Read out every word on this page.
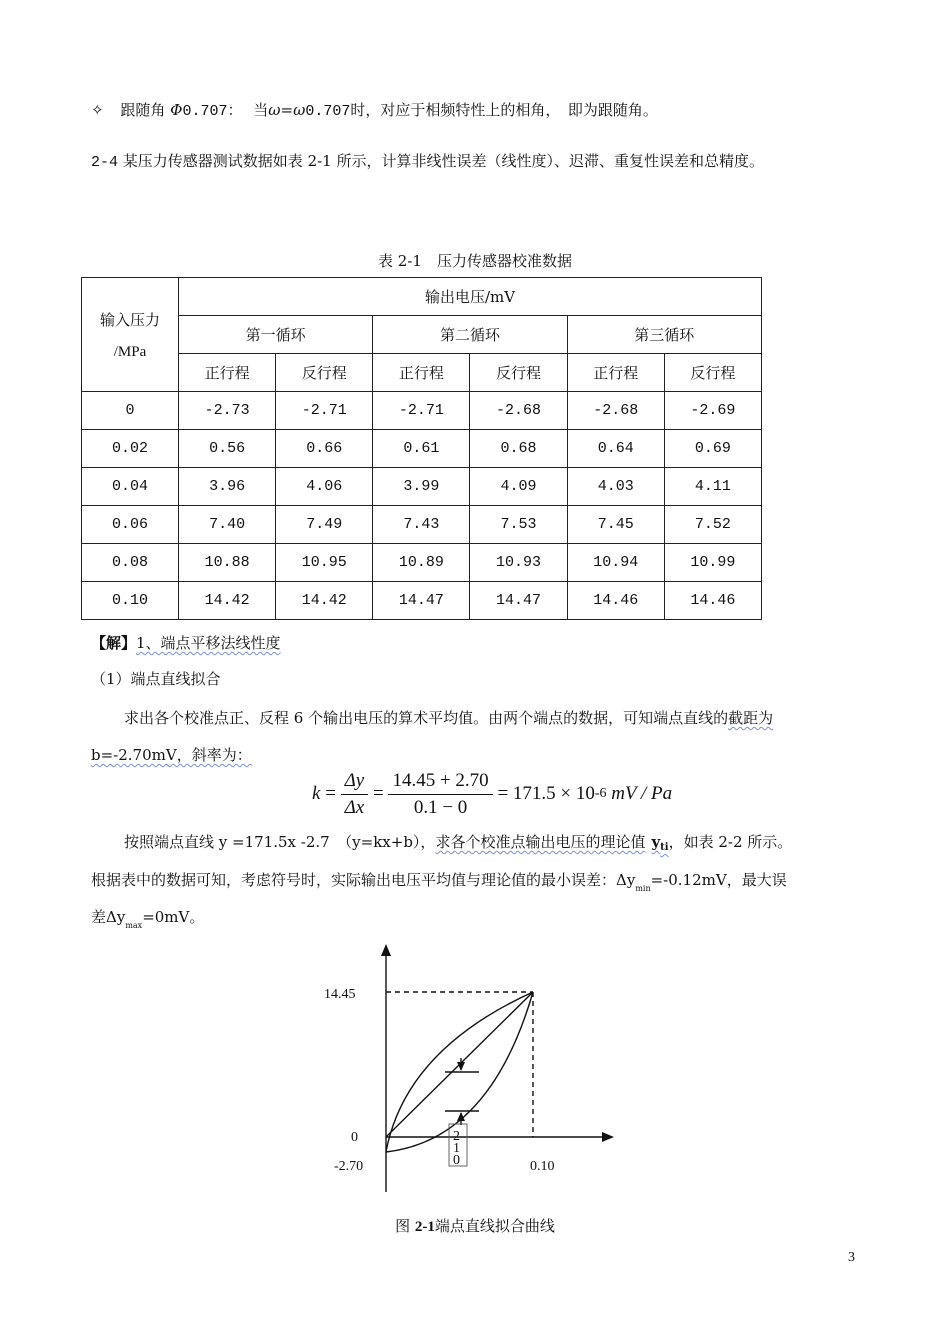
✧ 跟随角 Φ0.707： 当ω=ω0.707时，对应于相频特性上的相角，　即为跟随角。
2-4 某压力传感器测试数据如表 2-1 所示，计算非线性误差（线性度）、迟滞、重复性误差和总精度。
表 2-1　压力传感器校准数据
输入压力
/MPa	输出电压/mV					
	第一循环		第二循环		第三循环	
	正行程	反行程	正行程	反行程	正行程	反行程
0	-2.73	-2.71	-2.71	-2.68	-2.68	-2.69
0.02	0.56	0.66	0.61	0.68	0.64	0.69
0.04	3.96	4.06	3.99	4.09	4.03	4.11
0.06	7.40	7.49	7.43	7.53	7.45	7.52
0.08	10.88	10.95	10.89	10.93	10.94	10.99
0.10	14.42	14.42	14.47	14.47	14.46	14.46
【解】1、端点平移法线性度
（1）端点直线拟合
求出各个校准点正、反程 6 个输出电压的算术平均值。由两个端点的数据，可知端点直线的截距为
b=-2.70mV，斜率为：
$k = \frac{\Delta y}{\Delta x} = \frac{14.45 + 2.70}{0.1 - 0} = 171.5 \times 10-6$ mV / Pa
按照端点直线 y =171.5x -2.7　（y=kx+b），求各个校准点输出电压的理论值 $y_{ti}$，如表 2-2 所示。
根据表中的数据可知，考虑符号时，实际输出电压平均值与理论值的最小误差：$\Delta y_{min}=-0.12mV$，最大误
差$\Delta y_{max}=0mV$。
14.45
0
-2.70	0.10
2
1
0
图 2-1端点直线拟合曲线
3
